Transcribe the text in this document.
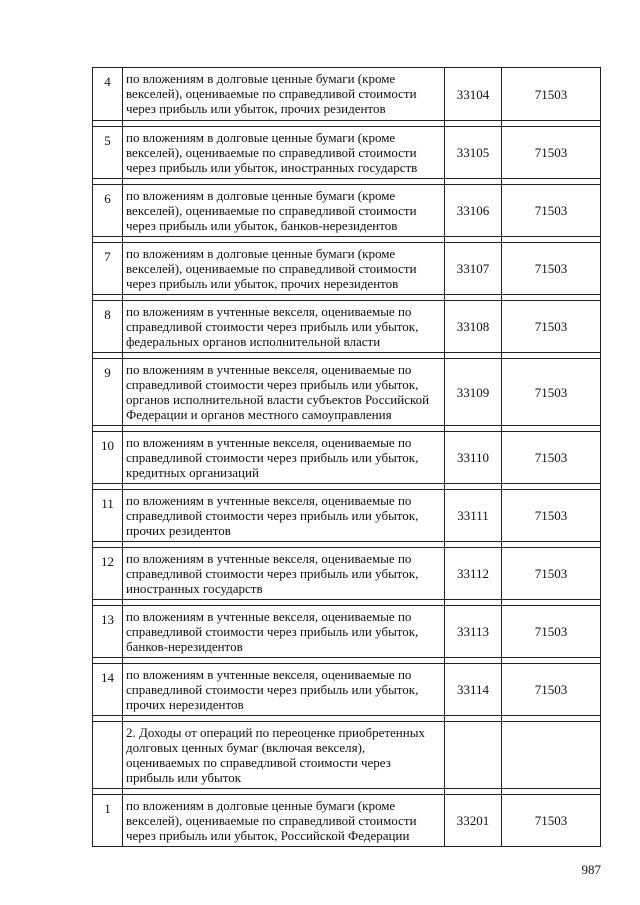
4	по вложениям в долговые ценные бумаги (кроме векселей), оцениваемые по справедливой стоимости через прибыль или убыток, прочих резидентов	33104	71503

5	по вложениям в долговые ценные бумаги (кроме векселей), оцениваемые по справедливой стоимости через прибыль или убыток, иностранных государств	33105	71503

6	по вложениям в долговые ценные бумаги (кроме векселей), оцениваемые по справедливой стоимости через прибыль или убыток, банков-нерезидентов	33106	71503

7	по вложениям в долговые ценные бумаги (кроме векселей), оцениваемые по справедливой стоимости через прибыль или убыток, прочих нерезидентов	33107	71503

8	по вложениям в учтенные векселя, оцениваемые по справедливой стоимости через прибыль или убыток, федеральных органов исполнительной власти	33108	71503

9	по вложениям в учтенные векселя, оцениваемые по справедливой стоимости через прибыль или убыток, органов исполнительной власти субъектов Российской Федерации и органов местного самоуправления	33109	71503

10	по вложениям в учтенные векселя, оцениваемые по справедливой стоимости через прибыль или убыток, кредитных организаций	33110	71503

11	по вложениям в учтенные векселя, оцениваемые по справедливой стоимости через прибыль или убыток, прочих резидентов	33111	71503

12	по вложениям в учтенные векселя, оцениваемые по справедливой стоимости через прибыль или убыток, иностранных государств	33112	71503

13	по вложениям в учтенные векселя, оцениваемые по справедливой стоимости через прибыль или убыток, банков-нерезидентов	33113	71503

14	по вложениям в учтенные векселя, оцениваемые по справедливой стоимости через прибыль или убыток, прочих нерезидентов	33114	71503

	2. Доходы от операций по переоценке приобретенных долговых ценных бумаг (включая векселя), оцениваемых по справедливой стоимости через прибыль или убыток		

1	по вложениям в долговые ценные бумаги (кроме векселей), оцениваемые по справедливой стоимости через прибыль или убыток, Российской Федерации	33201	71503
987
